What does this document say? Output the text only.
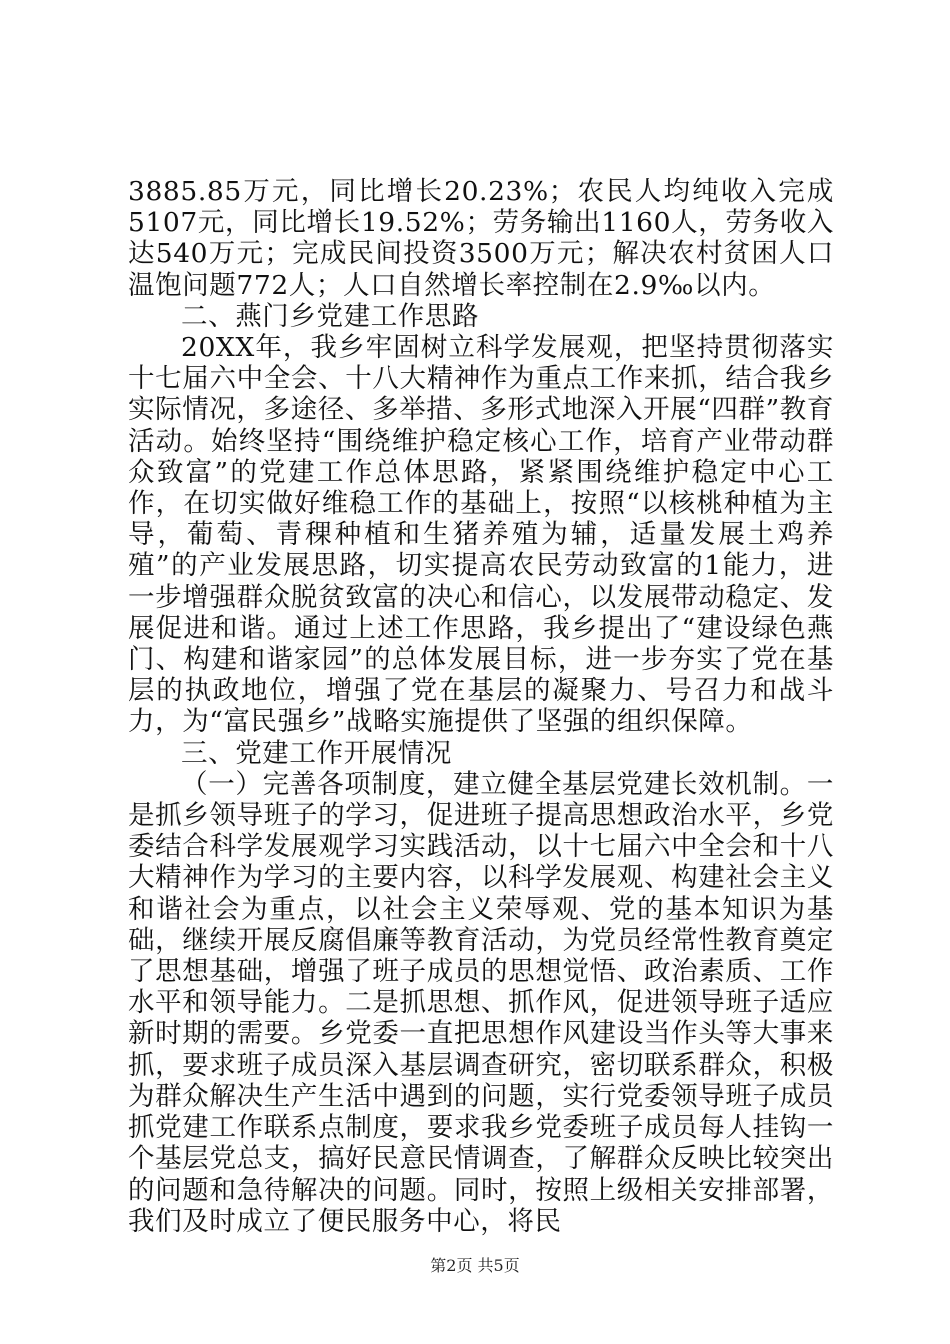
3885.85万元，同比增长20.23%；农民人均纯收入完成5107元，同比增长19.52%；劳务输出1160人，劳务收入达540万元；完成民间投资3500万元；解决农村贫困人口温饱问题772人；人口自然增长率控制在2.9‰以内。

二、燕门乡党建工作思路

20XX年，我乡牢固树立科学发展观，把坚持贯彻落实十七届六中全会、十八大精神作为重点工作来抓，结合我乡实际情况，多途径、多举措、多形式地深入开展“四群”教育活动。始终坚持“围绕维护稳定核心工作，培育产业带动群众致富”的党建工作总体思路，紧紧围绕维护稳定中心工作，在切实做好维稳工作的基础上，按照“以核桃种植为主导，葡萄、青稞种植和生猪养殖为辅，适量发展土鸡养殖”的产业发展思路，切实提高农民劳动致富的1能力，进一步增强群众脱贫致富的决心和信心，以发展带动稳定、发展促进和谐。通过上述工作思路，我乡提出了“建设绿色燕门、构建和谐家园”的总体发展目标，进一步夯实了党在基层的执政地位，增强了党在基层的凝聚力、号召力和战斗力，为“富民强乡”战略实施提供了坚强的组织保障。

三、党建工作开展情况

（一）完善各项制度，建立健全基层党建长效机制。一是抓乡领导班子的学习，促进班子提高思想政治水平，乡党委结合科学发展观学习实践活动，以十七届六中全会和十八大精神作为学习的主要内容，以科学发展观、构建社会主义和谐社会为重点，以社会主义荣辱观、党的基本知识为基础，继续开展反腐倡廉等教育活动，为党员经常性教育奠定了思想基础，增强了班子成员的思想觉悟、政治素质、工作水平和领导能力。二是抓思想、抓作风，促进领导班子适应新时期的需要。乡党委一直把思想作风建设当作头等大事来抓，要求班子成员深入基层调查研究，密切联系群众，积极为群众解决生产生活中遇到的问题，实行党委领导班子成员抓党建工作联系点制度，要求我乡党委班子成员每人挂钩一个基层党总支，搞好民意民情调查，了解群众反映比较突出的问题和急待解决的问题。同时，按照上级相关安排部署，我们及时成立了便民服务中心，将民

第2页 共5页
